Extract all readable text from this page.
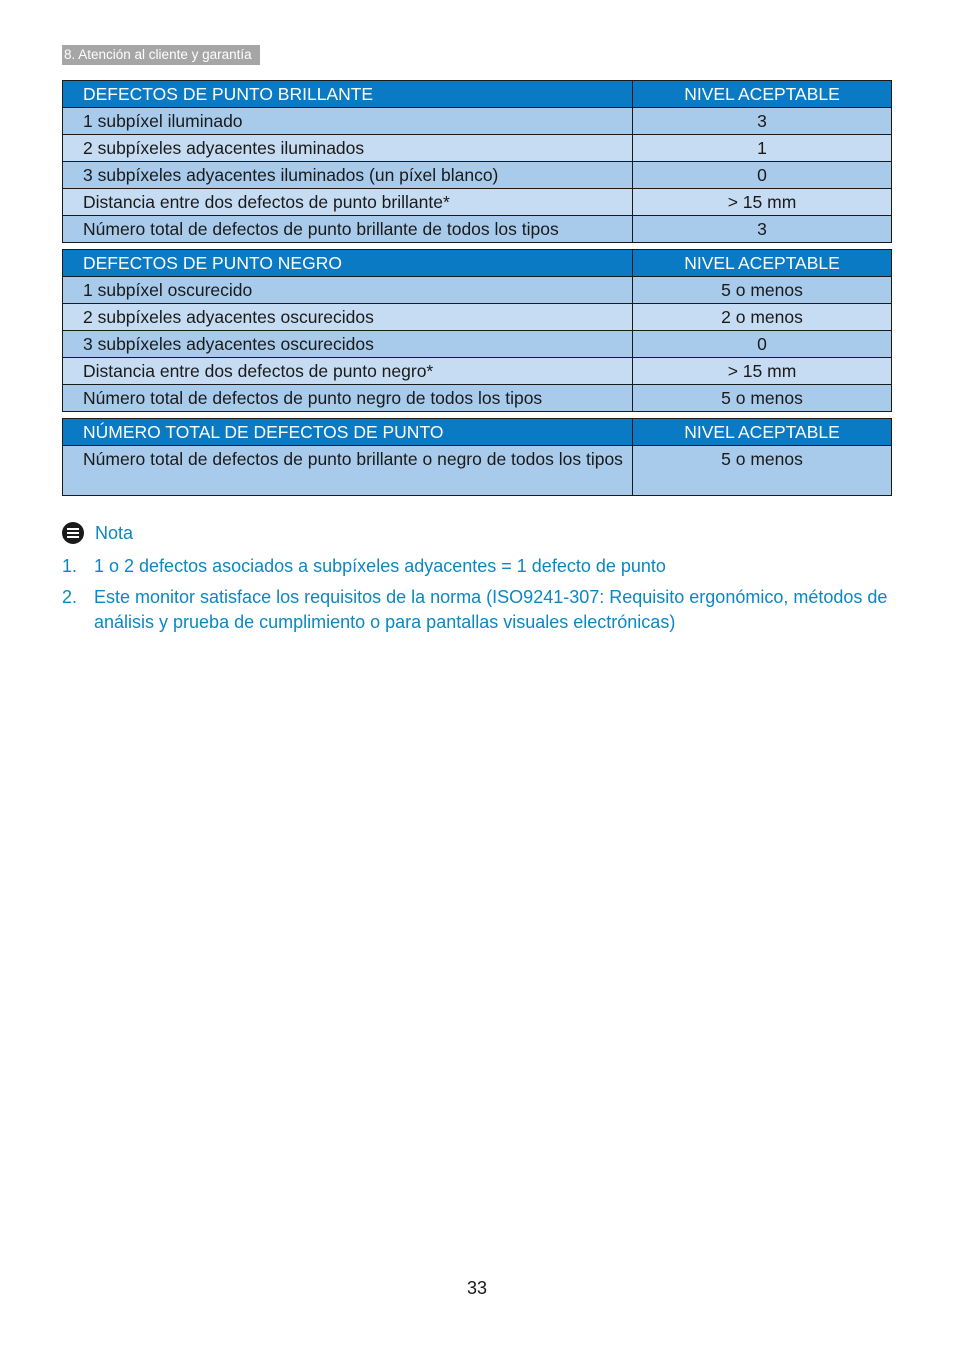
8. Atención al cliente y garantía
DEFECTOS DE PUNTO BRILLANTE	NIVEL ACEPTABLE
1 subpíxel iluminado	3
2 subpíxeles adyacentes iluminados	1
3 subpíxeles adyacentes iluminados (un píxel blanco)	0
Distancia entre dos defectos de punto brillante*	> 15 mm
Número total de defectos de punto brillante de todos los tipos	3
DEFECTOS DE PUNTO NEGRO	NIVEL ACEPTABLE
1 subpíxel oscurecido	5 o menos
2 subpíxeles adyacentes oscurecidos	2 o menos
3 subpíxeles adyacentes oscurecidos	0
Distancia entre dos defectos de punto negro*	> 15 mm
Número total de defectos de punto negro de todos los tipos	5 o menos
NÚMERO TOTAL DE DEFECTOS DE PUNTO	NIVEL ACEPTABLE
Número total de defectos de punto brillante o negro de todos los tipos	5 o menos
Nota
1. 1 o 2 defectos asociados a subpíxeles adyacentes = 1 defecto de punto
2. Este monitor satisface los requisitos de la norma (ISO9241-307: Requisito ergonómico, métodos de análisis y prueba de cumplimiento o para pantallas visuales electrónicas)
33
